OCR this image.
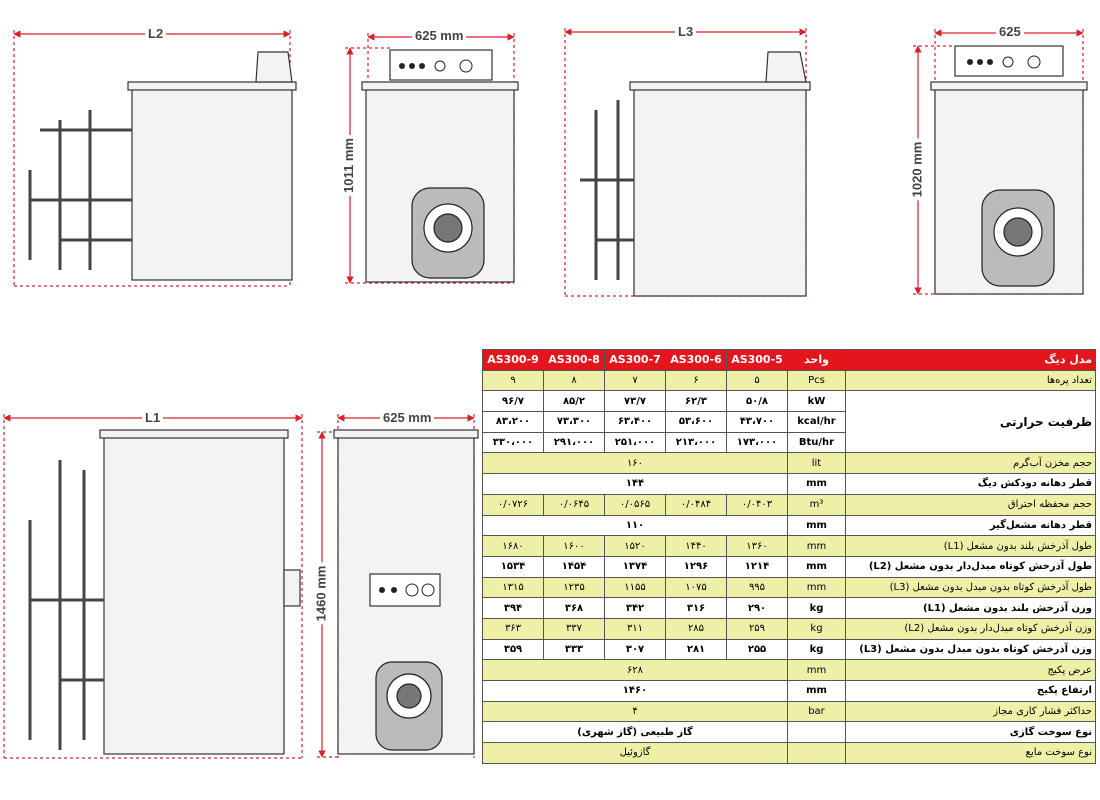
L2	625 mm
1011 mm
L3	625
1020 mm
L1	625 mm
1460 mm
AS300-9	AS300-8	AS300-7	AS300-6	AS300-5	واحد	مدل دیگ
۹	۸	۷	۶	۵	Pcs	تعداد پره‌ها
۹۶/۷	۸۵/۲	۷۳/۷	۶۲/۳	۵۰/۸	kW	ظرفیت حرارتی
۸۳،۲۰۰	۷۳،۳۰۰	۶۳،۴۰۰	۵۳،۶۰۰	۴۳،۷۰۰	kcal/hr	
۳۳۰،۰۰۰	۲۹۱،۰۰۰	۲۵۱،۰۰۰	۲۱۳،۰۰۰	۱۷۳،۰۰۰	Btu/hr	
۱۶۰					lit	حجم مخزن آب‌گرم
۱۴۴					mm	قطر دهانه دودکش دیگ
۰/۰۷۲۶	۰/۰۶۴۵	۰/۰۵۶۵	۰/۰۴۸۴	۰/۰۴۰۳	m³	حجم محفظه احتراق
۱۱۰					mm	قطر دهانه مشعل‌گیر
۱۶۸۰	۱۶۰۰	۱۵۲۰	۱۴۴۰	۱۳۶۰	mm	طول آذرخش بلند بدون مشعل (L1)
۱۵۳۴	۱۴۵۴	۱۳۷۴	۱۲۹۶	۱۲۱۴	mm	طول آذرخش کوتاه مبدل‌دار بدون مشعل (L2)
۱۳۱۵	۱۲۳۵	۱۱۵۵	۱۰۷۵	۹۹۵	mm	طول آذرخش کوتاه بدون مبدل بدون مشعل (L3)
۳۹۴	۳۶۸	۳۴۲	۳۱۶	۲۹۰	kg	وزن آذرخش بلند بدون مشعل (L1)
۳۶۳	۳۳۷	۳۱۱	۲۸۵	۲۵۹	kg	وزن آذرخش کوتاه مبدل‌دار بدون مشعل (L2)
۳۵۹	۳۳۳	۳۰۷	۲۸۱	۲۵۵	kg	وزن آذرخش کوتاه بدون مبدل بدون مشعل (L3)
۶۲۸					mm	عرض پکیج
۱۴۶۰					mm	ارتفاع پکیج
۴					bar	حداکثر فشار کاری مجاز
گاز طبیعی (گاز شهری)						نوع سوخت گازی
گازوئیل						نوع سوخت مایع
